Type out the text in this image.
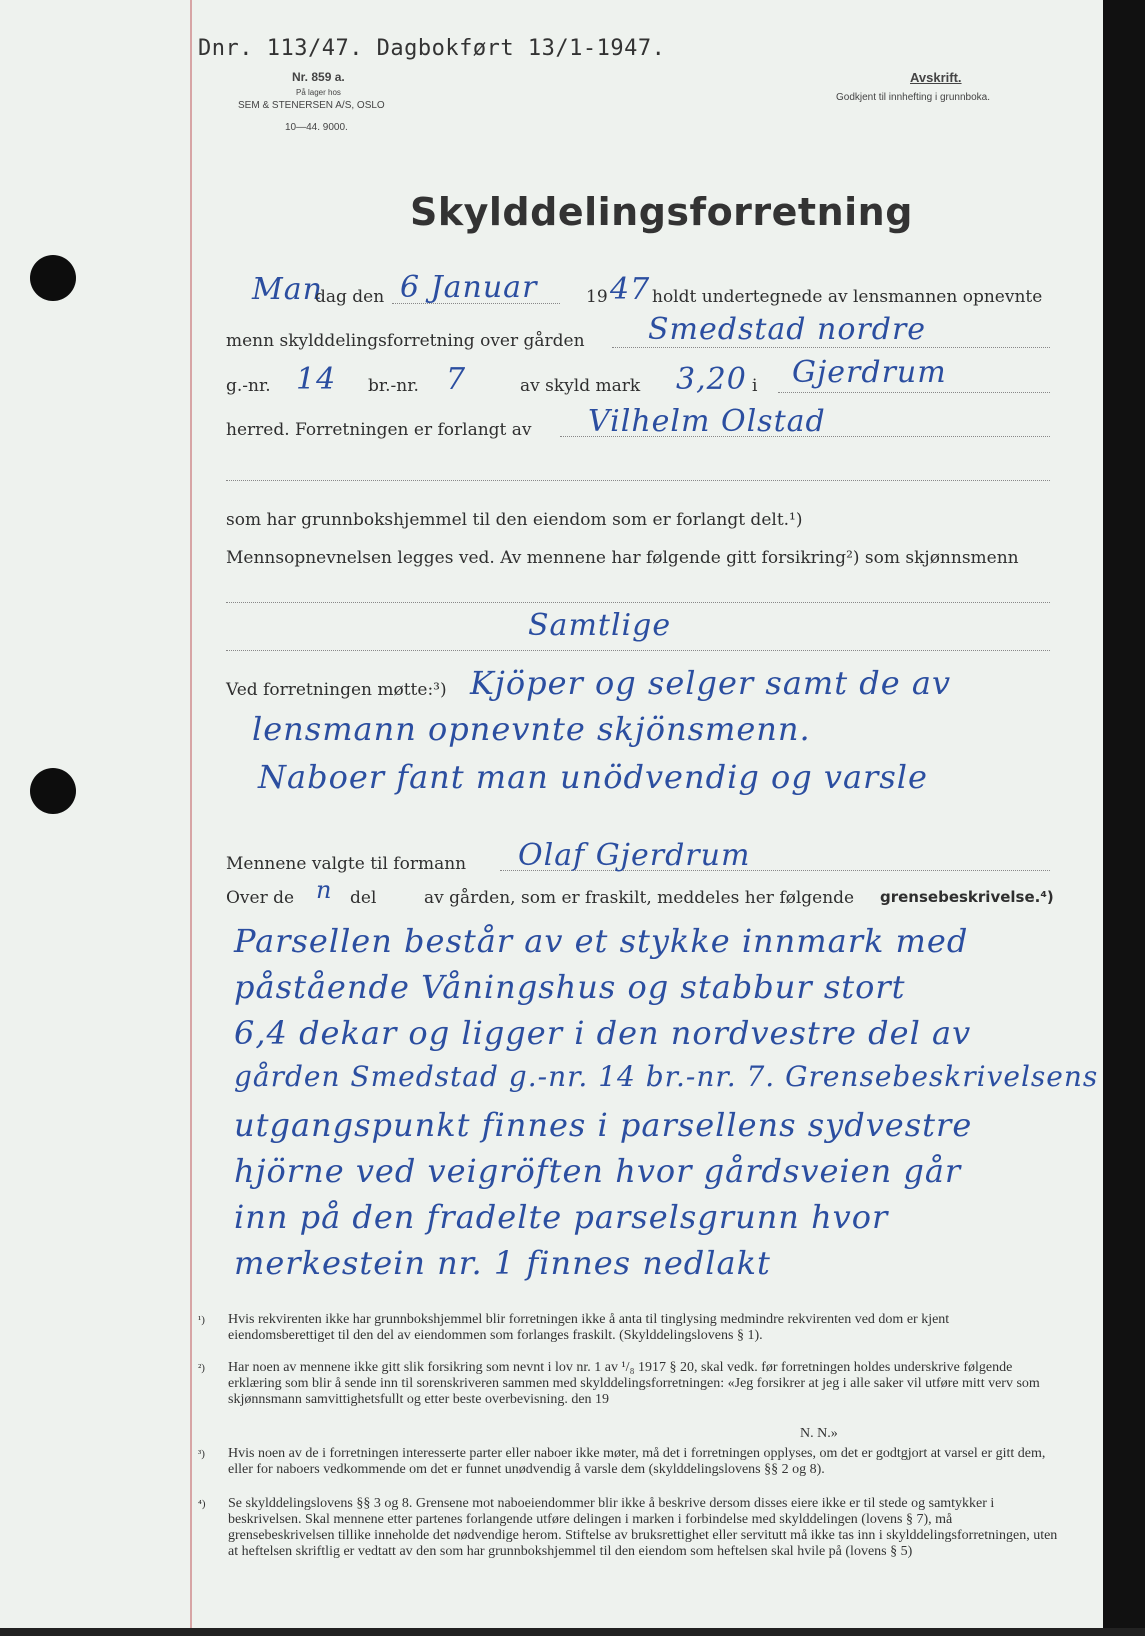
Dnr. 113/47. Dagbokført 13/1-1947.
Nr. 859 a.
På lager hos
SEM & STENERSEN A/S, OSLO
10—44. 9000.
Avskrift.
Godkjent til innhefting i grunnboka.
Skylddelingsforretning
Man
dag den 6 Januar	19 47 holdt undertegnede av lensmannen opnevnte
menn skylddelingsforretning over gården Smedstad nordre
g.-nr. 14 br.-nr. 7	av skyld mark 3,20 i Gjerdrum
herred. Forretningen er forlangt av Vilhelm Olstad
som har grunnbokshjemmel til den eiendom som er forlangt delt.¹)
Mennsopnevnelsen legges ved. Av mennene har følgende gitt forsikring²) som skjønnsmenn
Samtlige
Ved forretningen møtte:³) Kjöper og selger samt de av
lensmann opnevnte skjönsmenn.
Naboer fant man unödvendig og varsle
Mennene valgte til formann Olaf Gjerdrum
Over de n del	av gården, som er fraskilt, meddeles her følgende grensebeskrivelse.⁴)
Parsellen består av et stykke innmark med
påstående Våningshus og stabbur stort
6,4 dekar og ligger i den nordvestre del av
gården Smedstad g.-nr. 14 br.-nr. 7. Grensebeskrivelsens
utgangspunkt finnes i parsellens sydvestre
hjörne ved veigröften hvor gårdsveien går
inn på den fradelte parselsgrunn hvor
merkestein nr. 1 finnes nedlakt
¹) Hvis rekvirenten ikke har grunnbokshjemmel blir forretningen ikke å anta til tinglysing medmindre rekvirenten ved dom er kjent eiendomsberettiget til den del av eiendommen som forlanges fraskilt. (Skylddelingslovens § 1).
²) Har noen av mennene ikke gitt slik forsikring som nevnt i lov nr. 1 av ¹/₈ 1917 § 20, skal vedk. før forretningen holdes underskrive følgende erklæring som blir å sende inn til sorenskriveren sammen med skylddelingsforretningen: «Jeg forsikrer at jeg i alle saker vil utføre mitt verv som skjønnsmann samvittighetsfullt og etter beste overbevisning. den 19
N. N.»
³) Hvis noen av de i forretningen interesserte parter eller naboer ikke møter, må det i forretningen opplyses, om det er godtgjort at varsel er gitt dem, eller for naboers vedkommende om det er funnet unødvendig å varsle dem (skylddelingslovens §§ 2 og 8).
⁴) Se skylddelingslovens §§ 3 og 8. Grensene mot naboeiendommer blir ikke å beskrive dersom disses eiere ikke er til stede og samtykker i beskrivelsen. Skal mennene etter partenes forlangende utføre delingen i marken i forbindelse med skylddelingen (lovens § 7), må grensebeskrivelsen tillike inneholde det nødvendige herom. Stiftelse av bruksrettighet eller servitutt må ikke tas inn i skylddelingsforretningen, uten at heftelsen skriftlig er vedtatt av den som har grunnbokshjemmel til den eiendom som heftelsen skal hvile på (lovens § 5)
